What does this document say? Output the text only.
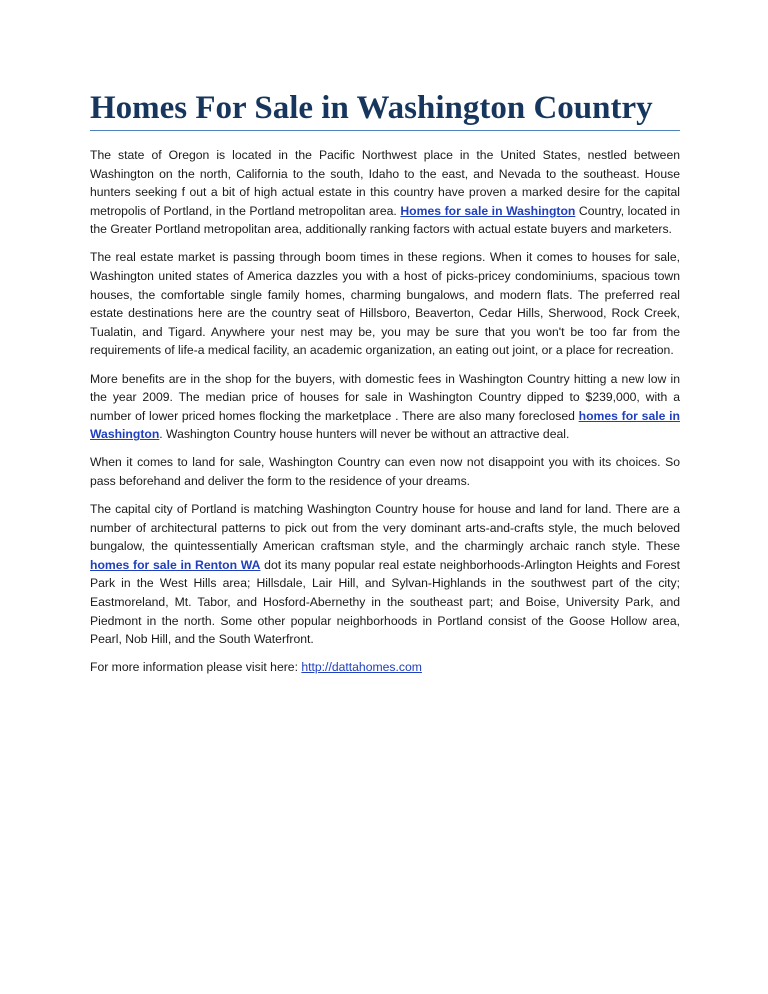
Homes For Sale in Washington Country

The state of Oregon is located in the Pacific Northwest place in the United States, nestled between Washington on the north, California to the south, Idaho to the east, and Nevada to the southeast. House hunters seeking f out a bit of high actual estate in this country have proven a marked desire for the capital metropolis of Portland, in the Portland metropolitan area. Homes for sale in Washington Country, located in the Greater Portland metropolitan area, additionally ranking factors with actual estate buyers and marketers.

The real estate market is passing through boom times in these regions. When it comes to houses for sale, Washington united states of America dazzles you with a host of picks-pricey condominiums, spacious town houses, the comfortable single family homes, charming bungalows, and modern flats. The preferred real estate destinations here are the country seat of Hillsboro, Beaverton, Cedar Hills, Sherwood, Rock Creek, Tualatin, and Tigard. Anywhere your nest may be, you may be sure that you won't be too far from the requirements of life-a medical facility, an academic organization, an eating out joint, or a place for recreation.

More benefits are in the shop for the buyers, with domestic fees in Washington Country hitting a new low in the year 2009. The median price of houses for sale in Washington Country dipped to $239,000, with a number of lower priced homes flocking the marketplace . There are also many foreclosed homes for sale in Washington. Washington Country house hunters will never be without an attractive deal.

When it comes to land for sale, Washington Country can even now not disappoint you with its choices. So pass beforehand and deliver the form to the residence of your dreams.

The capital city of Portland is matching Washington Country house for house and land for land. There are a number of architectural patterns to pick out from the very dominant arts-and-crafts style, the much beloved bungalow, the quintessentially American craftsman style, and the charmingly archaic ranch style. These homes for sale in Renton WA dot its many popular real estate neighborhoods-Arlington Heights and Forest Park in the West Hills area; Hillsdale, Lair Hill, and Sylvan-Highlands in the southwest part of the city; Eastmoreland, Mt. Tabor, and Hosford-Abernethy in the southeast part; and Boise, University Park, and Piedmont in the north. Some other popular neighborhoods in Portland consist of the Goose Hollow area, Pearl, Nob Hill, and the South Waterfront.

For more information please visit here: http://dattahomes.com
